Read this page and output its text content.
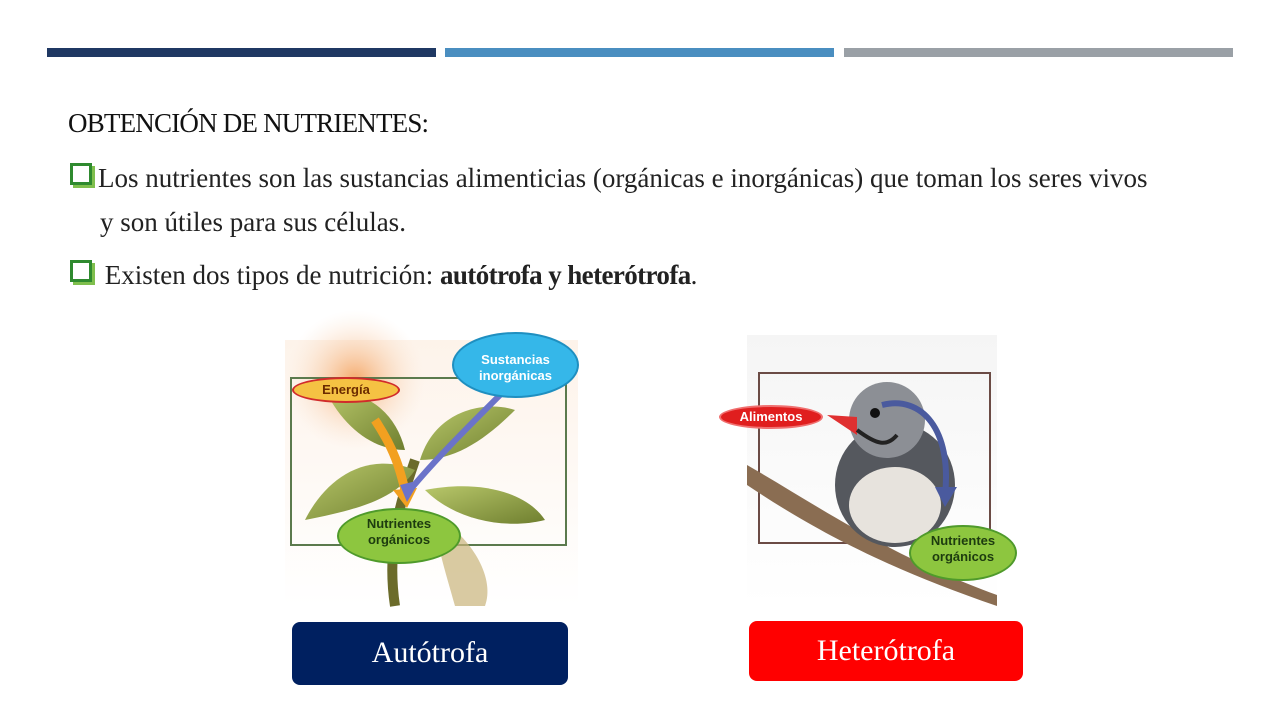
OBTENCIÓN DE NUTRIENTES:
Los nutrientes son las sustancias alimenticias (orgánicas e inorgánicas) que toman los seres vivos
y son útiles para sus células.
Existen dos tipos de nutrición: autótrofa y heterótrofa.
Sustancias
inorgánicas
Energía
Nutrientes
orgánicos
Alimentos
Nutrientes
orgánicos
Autótrofa	Heterótrofa
